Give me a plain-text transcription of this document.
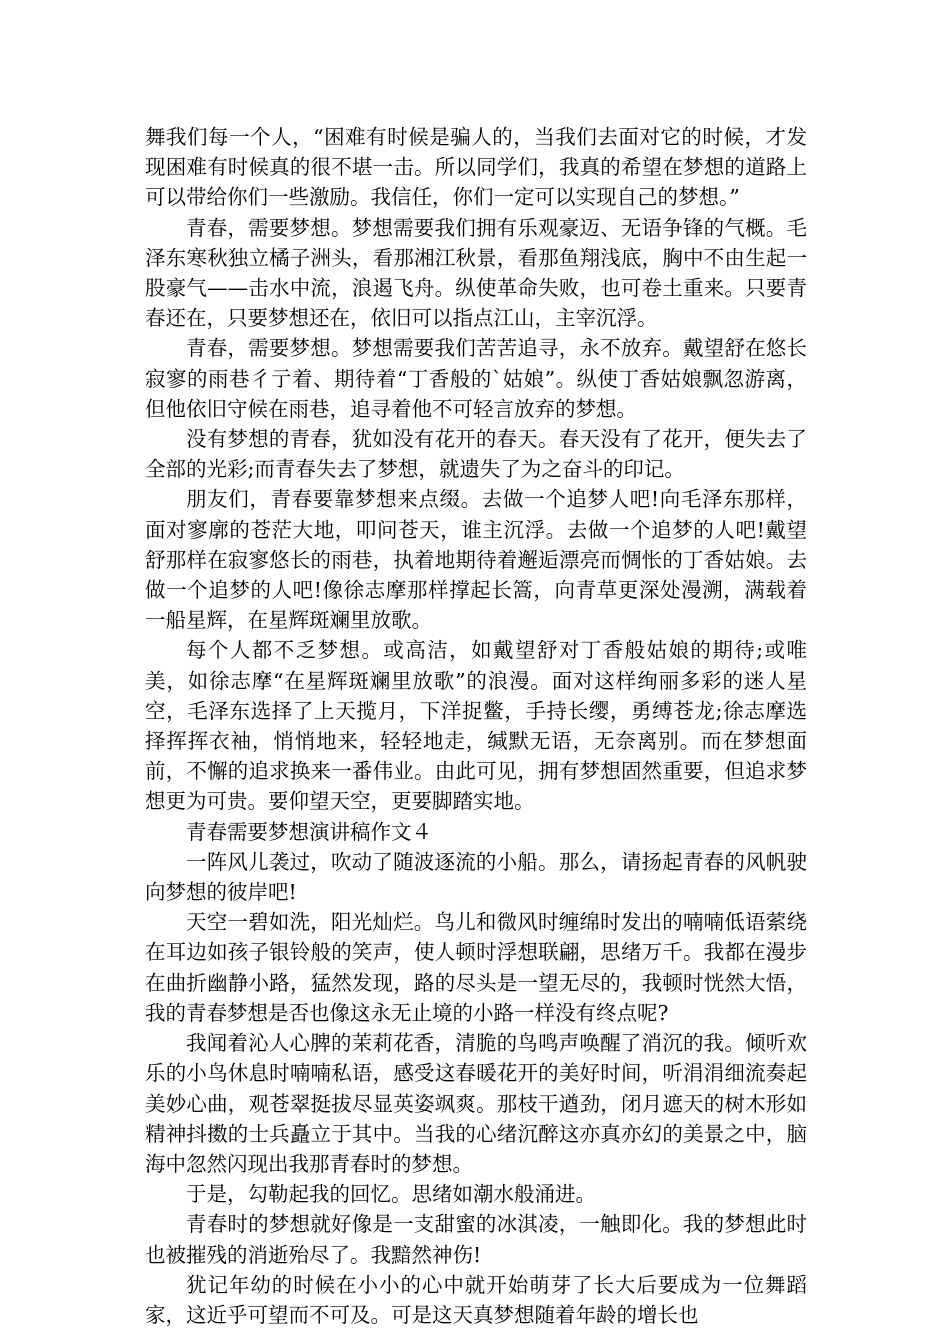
舞我们每一个人，“困难有时候是骗人的，当我们去面对它的时候，才发现困难有时候真的很不堪一击。所以同学们，我真的希望在梦想的道路上可以带给你们一些激励。我信任，你们一定可以实现自己的梦想。”

青春，需要梦想。梦想需要我们拥有乐观豪迈、无语争锋的气概。毛泽东寒秋独立橘子洲头，看那湘江秋景，看那鱼翔浅底，胸中不由生起一股豪气——击水中流，浪遏飞舟。纵使革命失败，也可卷土重来。只要青春还在，只要梦想还在，依旧可以指点江山，主宰沉浮。

青春，需要梦想。梦想需要我们苦苦追寻，永不放弃。戴望舒在悠长寂寥的雨巷彳亍着、期待着“丁香般的`姑娘”。纵使丁香姑娘飘忽游离，但他依旧守候在雨巷，追寻着他不可轻言放弃的梦想。

没有梦想的青春，犹如没有花开的春天。春天没有了花开，便失去了全部的光彩;而青春失去了梦想，就遗失了为之奋斗的印记。

朋友们，青春要靠梦想来点缀。去做一个追梦人吧!向毛泽东那样，面对寥廓的苍茫大地，叩问苍天，谁主沉浮。去做一个追梦的人吧!戴望舒那样在寂寥悠长的雨巷，执着地期待着邂逅漂亮而惆怅的丁香姑娘。去做一个追梦的人吧!像徐志摩那样撑起长篙，向青草更深处漫溯，满载着一船星辉，在星辉斑斓里放歌。

每个人都不乏梦想。或高洁，如戴望舒对丁香般姑娘的期待;或唯美，如徐志摩“在星辉斑斓里放歌”的浪漫。面对这样绚丽多彩的迷人星空，毛泽东选择了上天揽月，下洋捉鳖，手持长缨，勇缚苍龙;徐志摩选择挥挥衣袖，悄悄地来，轻轻地走，缄默无语，无奈离别。而在梦想面前，不懈的追求换来一番伟业。由此可见，拥有梦想固然重要，但追求梦想更为可贵。要仰望天空，更要脚踏实地。

青春需要梦想演讲稿作文４

一阵风儿袭过，吹动了随波逐流的小船。那么，请扬起青春的风帆驶向梦想的彼岸吧!

天空一碧如洗，阳光灿烂。鸟儿和微风时缠绵时发出的喃喃低语萦绕在耳边如孩子银铃般的笑声，使人顿时浮想联翩，思绪万千。我都在漫步在曲折幽静小路，猛然发现，路的尽头是一望无尽的，我顿时恍然大悟，我的青春梦想是否也像这永无止境的小路一样没有终点呢?

我闻着沁人心脾的茉莉花香，清脆的鸟鸣声唤醒了消沉的我。倾听欢乐的小鸟休息时喃喃私语，感受这春暖花开的美好时间，听涓涓细流奏起美妙心曲，观苍翠挺拔尽显英姿飒爽。那枝干遒劲，闭月遮天的树木形如精神抖擞的士兵矗立于其中。当我的心绪沉醉这亦真亦幻的美景之中，脑海中忽然闪现出我那青春时的梦想。

于是，勾勒起我的回忆。思绪如潮水般涌进。

青春时的梦想就好像是一支甜蜜的冰淇凌，一触即化。我的梦想此时也被摧残的消逝殆尽了。我黯然神伤!

犹记年幼的时候在小小的心中就开始萌芽了长大后要成为一位舞蹈家，这近乎可望而不可及。可是这天真梦想随着年龄的增长也
